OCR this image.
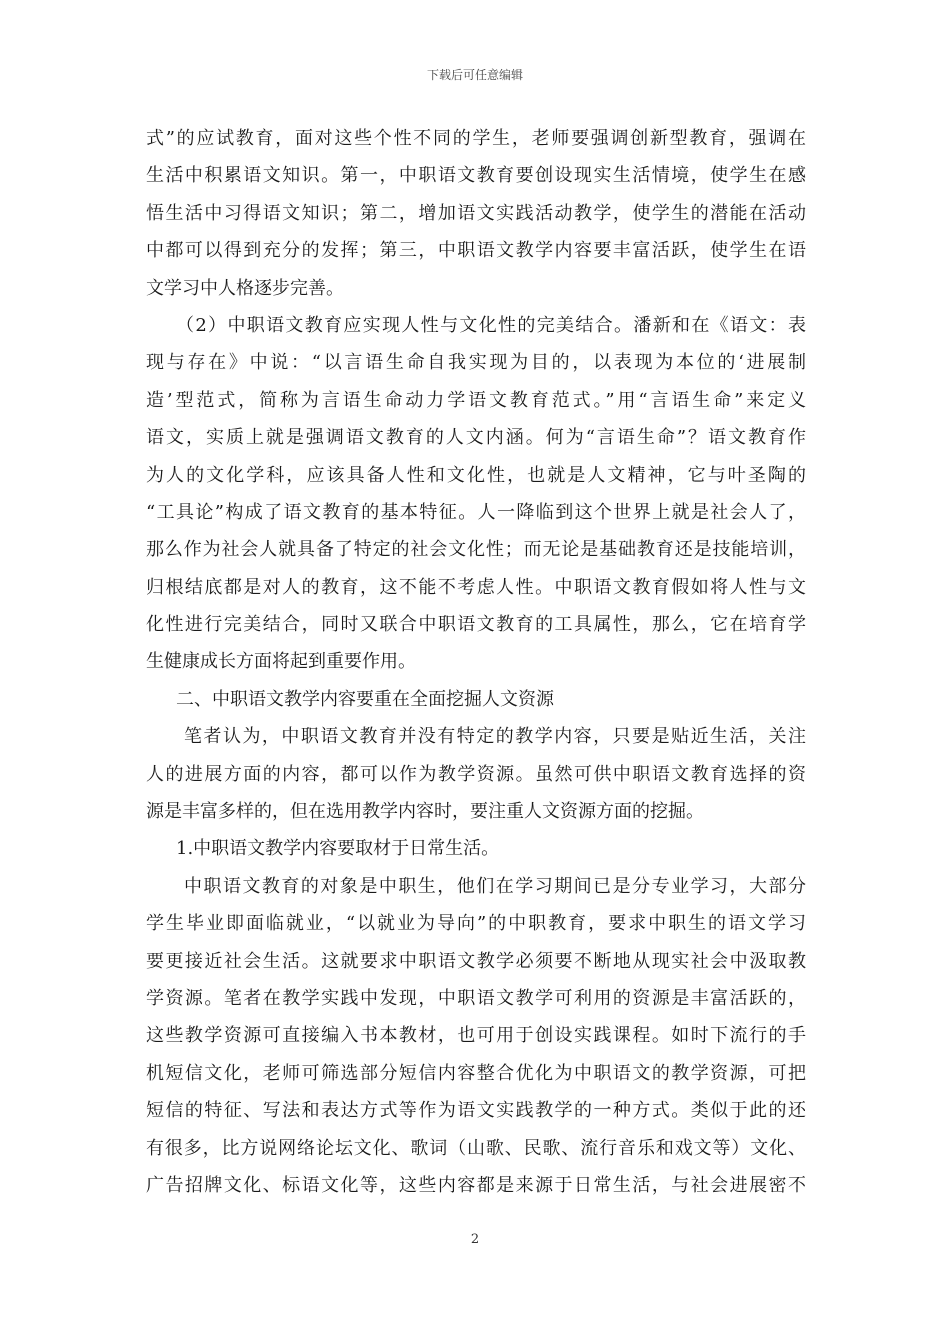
下载后可任意编辑
式”的应试教育，面对这些个性不同的学生，老师要强调创新型教育，强调在
生活中积累语文知识。第一，中职语文教育要创设现实生活情境，使学生在感
悟生活中习得语文知识；第二，增加语文实践活动教学，使学生的潜能在活动
中都可以得到充分的发挥；第三，中职语文教学内容要丰富活跃，使学生在语
文学习中人格逐步完善。
（2）中职语文教育应实现人性与文化性的完美结合。潘新和在《语文：表
现与存在》中说：“以言语生命自我实现为目的，以表现为本位的‘进展制
造’型范式，简称为言语生命动力学语文教育范式。”用“言语生命”来定义
语文，实质上就是强调语文教育的人文内涵。何为“言语生命”？语文教育作
为人的文化学科，应该具备人性和文化性，也就是人文精神，它与叶圣陶的
“工具论”构成了语文教育的基本特征。人一降临到这个世界上就是社会人了，
那么作为社会人就具备了特定的社会文化性；而无论是基础教育还是技能培训，
归根结底都是对人的教育，这不能不考虑人性。中职语文教育假如将人性与文
化性进行完美结合，同时又联合中职语文教育的工具属性，那么，它在培育学
生健康成长方面将起到重要作用。
二、中职语文教学内容要重在全面挖掘人文资源
笔者认为，中职语文教育并没有特定的教学内容，只要是贴近生活，关注
人的进展方面的内容，都可以作为教学资源。虽然可供中职语文教育选择的资
源是丰富多样的，但在选用教学内容时，要注重人文资源方面的挖掘。
1.中职语文教学内容要取材于日常生活。
中职语文教育的对象是中职生，他们在学习期间已是分专业学习，大部分
学生毕业即面临就业，“以就业为导向”的中职教育，要求中职生的语文学习
要更接近社会生活。这就要求中职语文教学必须要不断地从现实社会中汲取教
学资源。笔者在教学实践中发现，中职语文教学可利用的资源是丰富活跃的，
这些教学资源可直接编入书本教材，也可用于创设实践课程。如时下流行的手
机短信文化，老师可筛选部分短信内容整合优化为中职语文的教学资源，可把
短信的特征、写法和表达方式等作为语文实践教学的一种方式。类似于此的还
有很多，比方说网络论坛文化、歌词（山歌、民歌、流行音乐和戏文等）文化、
广告招牌文化、标语文化等，这些内容都是来源于日常生活，与社会进展密不
2
